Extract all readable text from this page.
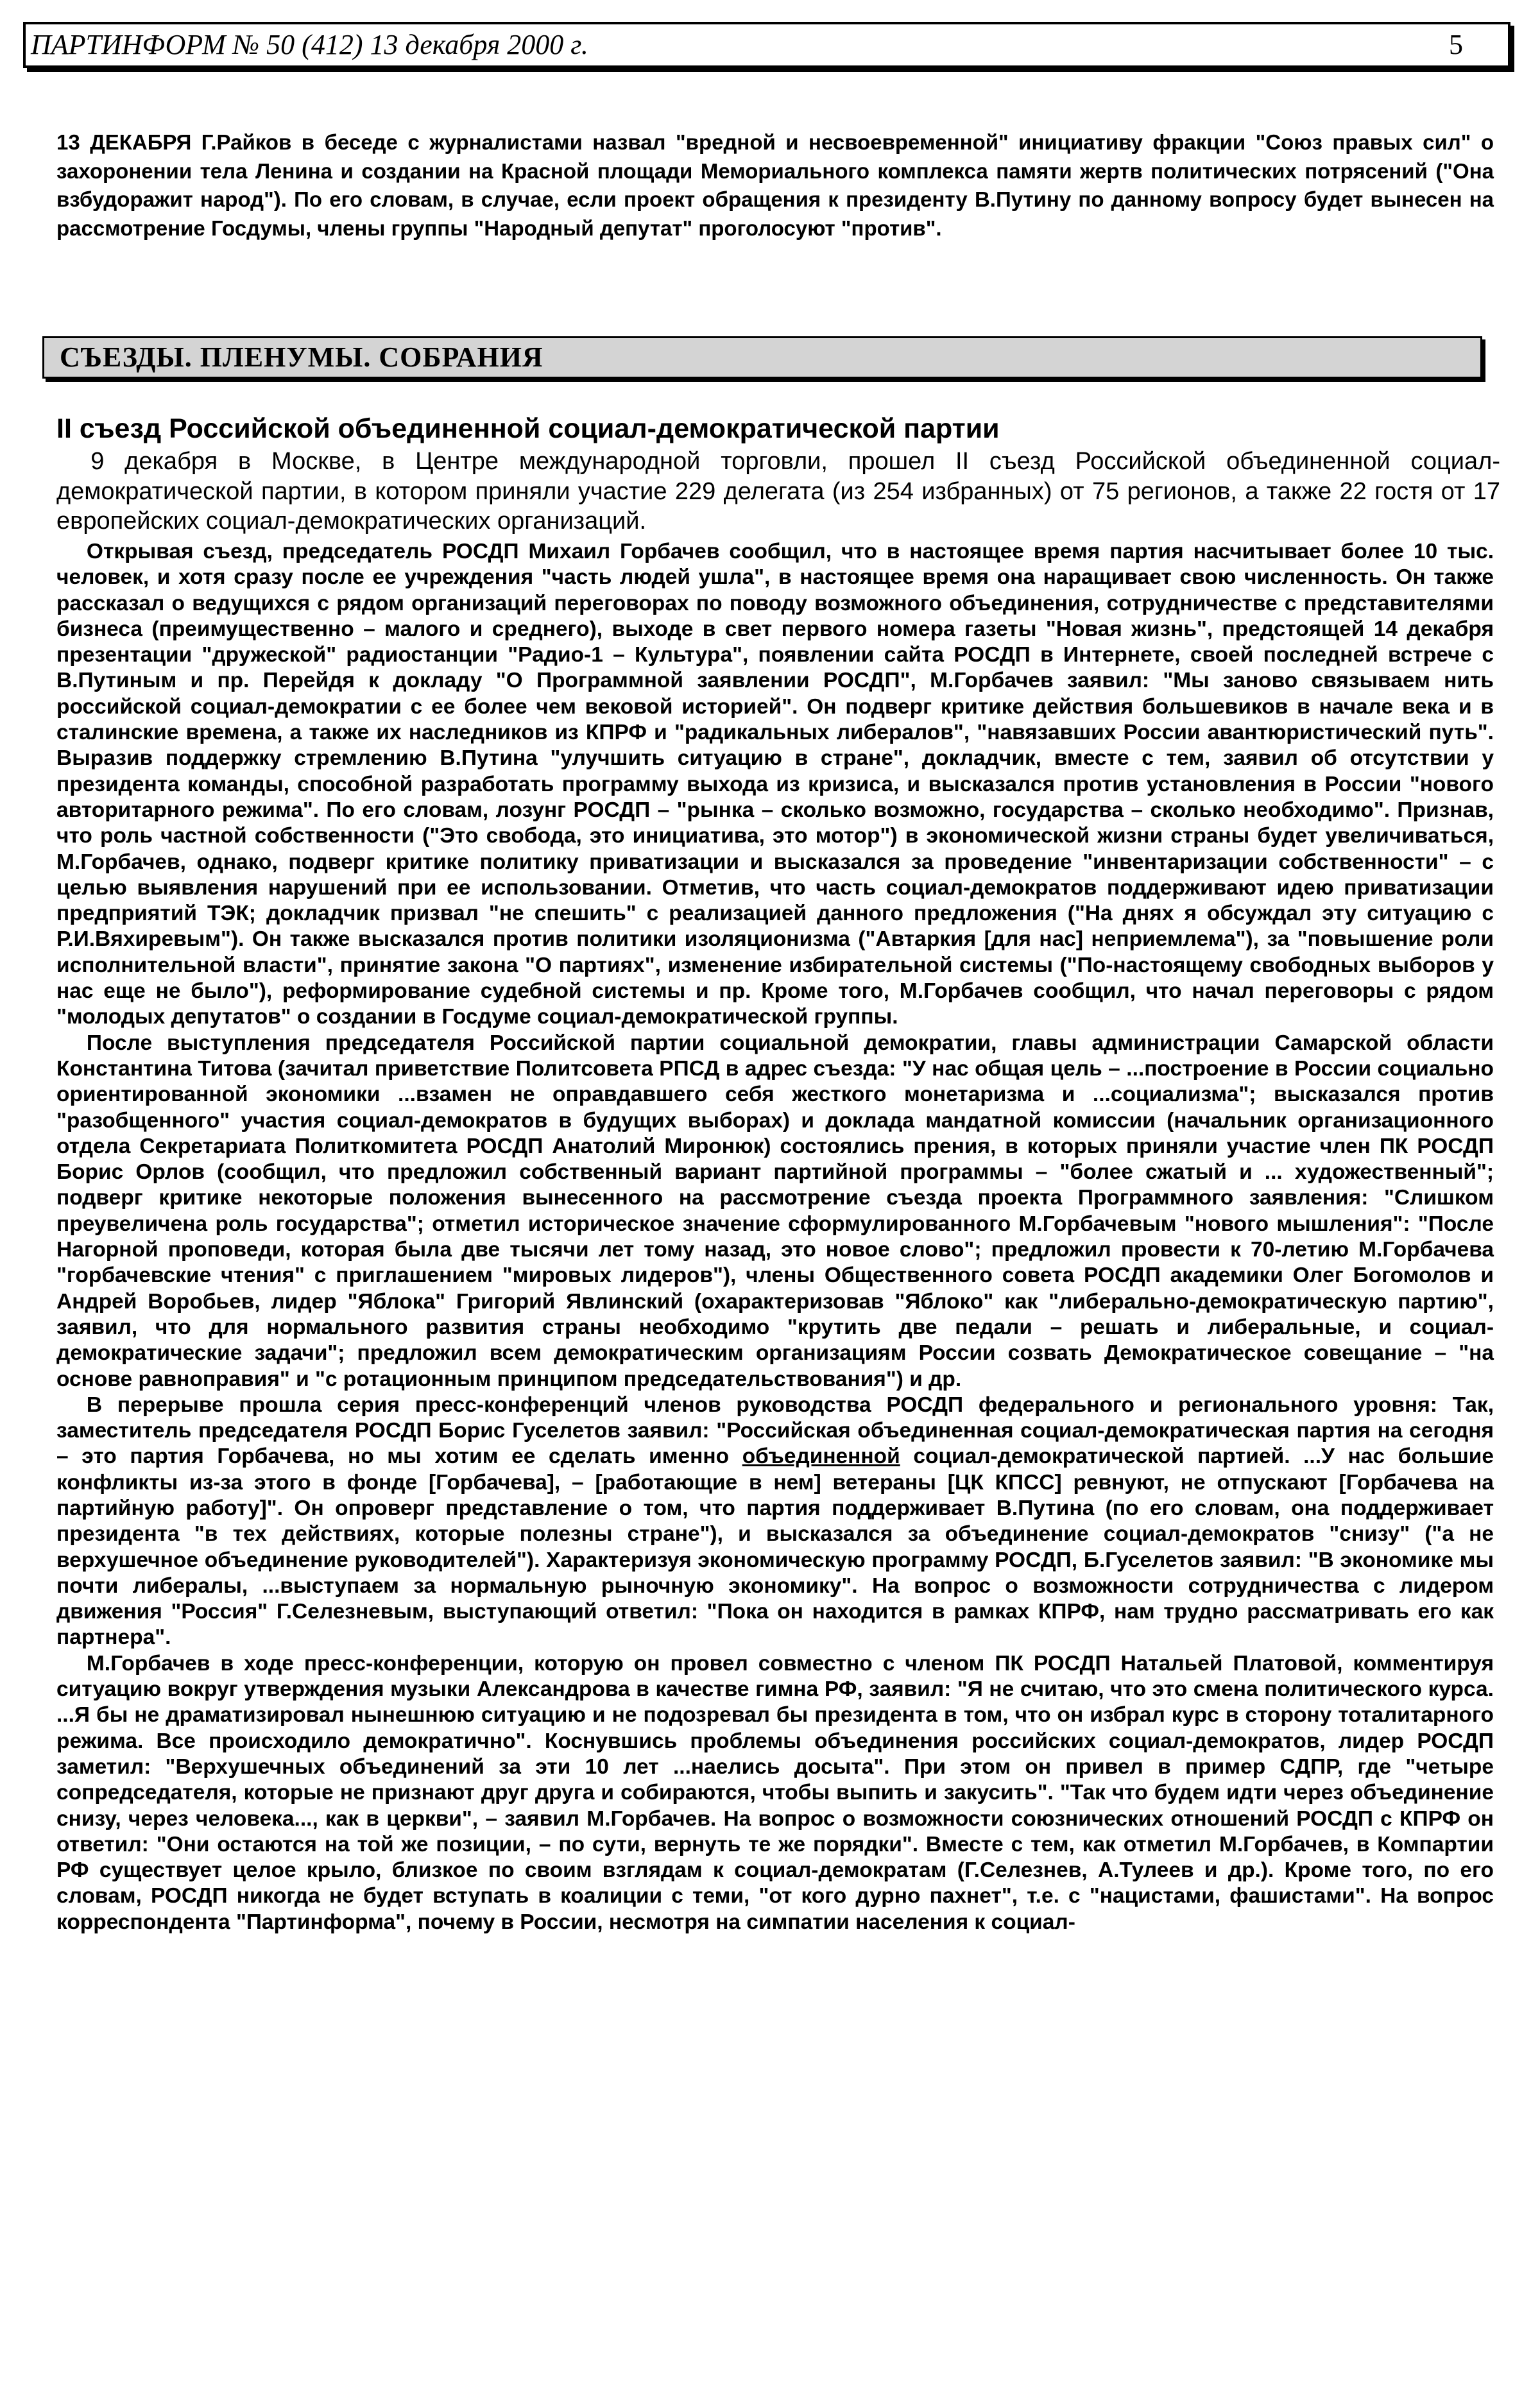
ПАРТИНФОРМ № 50 (412) 13 декабря 2000 г.	5
13 ДЕКАБРЯ Г.Райков в беседе с журналистами назвал "вредной и несвоевременной" инициативу фракции "Союз правых сил" о захоронении тела Ленина и создании на Красной площади Мемориального комплекса памяти жертв политических потрясений ("Она взбудоражит народ"). По его словам, в случае, если проект обращения к президенту В.Путину по данному вопросу будет вынесен на рассмотрение Госдумы, члены группы "Народный депутат" проголосуют "против".
СЪЕЗДЫ. ПЛЕНУМЫ. СОБРАНИЯ
II съезд Российской объединенной социал-демократической партии
9 декабря в Москве, в Центре международной торговли, прошел II съезд Российской объединенной социал-демократической партии, в котором приняли участие 229 делегата (из 254 избранных) от 75 регионов, а также 22 гостя от 17 европейских социал-демократических организаций.

Открывая съезд, председатель РОСДП Михаил Горбачев сообщил, что в настоящее время партия насчитывает более 10 тыс. человек, и хотя сразу после ее учреждения "часть людей ушла", в настоящее время она наращивает свою численность. Он также рассказал о ведущихся с рядом организаций переговорах по поводу возможного объединения, сотрудничестве с представителями бизнеса (преимущественно – малого и среднего), выходе в свет первого номера газеты "Новая жизнь", предстоящей 14 декабря презентации "дружеской" радиостанции "Радио-1 – Культура", появлении сайта РОСДП в Интернете, своей последней встрече с В.Путиным и пр. Перейдя к докладу "О Программной заявлении РОСДП", М.Горбачев заявил: "Мы заново связываем нить российской социал-демократии с ее более чем вековой историей". Он подверг критике действия большевиков в начале века и в сталинские времена, а также их наследников из КПРФ и "радикальных либералов", "навязавших России авантюристический путь". Выразив поддержку стремлению В.Путина "улучшить ситуацию в стране", докладчик, вместе с тем, заявил об отсутствии у президента команды, способной разработать программу выхода из кризиса, и высказался против установления в России "нового авторитарного режима". По его словам, лозунг РОСДП – "рынка – сколько возможно, государства – сколько необходимо". Признав, что роль частной собственности ("Это свобода, это инициатива, это мотор") в экономической жизни страны будет увеличиваться, М.Горбачев, однако, подверг критике политику приватизации и высказался за проведение "инвентаризации собственности" – с целью выявления нарушений при ее использовании. Отметив, что часть социал-демократов поддерживают идею приватизации предприятий ТЭК; докладчик призвал "не спешить" с реализацией данного предложения ("На днях я обсуждал эту ситуацию с Р.И.Вяхиревым"). Он также высказался против политики изоляционизма ("Автаркия [для нас] неприемлема"), за "повышение роли исполнительной власти", принятие закона "О партиях", изменение избирательной системы ("По-настоящему свободных выборов у нас еще не было"), реформирование судебной системы и пр. Кроме того, М.Горбачев сообщил, что начал переговоры с рядом "молодых депутатов" о создании в Госдуме социал-демократической группы.

После выступления председателя Российской партии социальной демократии, главы администрации Самарской области Константина Титова (зачитал приветствие Политсовета РПСД в адрес съезда: "У нас общая цель – ...построение в России социально ориентированной экономики ...взамен не оправдавшего себя жесткого монетаризма и ...социализма"; высказался против "разобщенного" участия социал-демократов в будущих выборах) и доклада мандатной комиссии (начальник организационного отдела Секретариата Политкомитета РОСДП Анатолий Миронюк) состоялись прения, в которых приняли участие член ПК РОСДП Борис Орлов (сообщил, что предложил собственный вариант партийной программы – "более сжатый и ... художественный"; подверг критике некоторые положения вынесенного на рассмотрение съезда проекта Программного заявления: "Слишком преувеличена роль государства"; отметил историческое значение сформулированного М.Горбачевым "нового мышления": "После Нагорной проповеди, которая была две тысячи лет тому назад, это новое слово"; предложил провести к 70-летию М.Горбачева "горбачевские чтения" с приглашением "мировых лидеров"), члены Общественного совета РОСДП академики Олег Богомолов и Андрей Воробьев, лидер "Яблока" Григорий Явлинский (охарактеризовав "Яблоко" как "либерально-демократическую партию", заявил, что для нормального развития страны необходимо "крутить две педали – решать и либеральные, и социал-демократические задачи"; предложил всем демократическим организациям России созвать Демократическое совещание – "на основе равноправия" и "с ротационным принципом председательствования") и др.

В перерыве прошла серия пресс-конференций членов руководства РОСДП федерального и регионального уровня: Так, заместитель председателя РОСДП Борис Гуселетов заявил: "Российская объединенная социал-демократическая партия на сегодня – это партия Горбачева, но мы хотим ее сделать именно объединенной социал-демократической партией. ...У нас большие конфликты из-за этого в фонде [Горбачева], – [работающие в нем] ветераны [ЦК КПСС] ревнуют, не отпускают [Горбачева на партийную работу]". Он опроверг представление о том, что партия поддерживает В.Путина (по его словам, она поддерживает президента "в тех действиях, которые полезны стране"), и высказался за объединение социал-демократов "снизу" ("а не верхушечное объединение руководителей"). Характеризуя экономическую программу РОСДП, Б.Гуселетов заявил: "В экономике мы почти либералы, ...выступаем за нормальную рыночную экономику". На вопрос о возможности сотрудничества с лидером движения "Россия" Г.Селезневым, выступающий ответил: "Пока он находится в рамках КПРФ, нам трудно рассматривать его как партнера".

М.Горбачев в ходе пресс-конференции, которую он провел совместно с членом ПК РОСДП Натальей Платовой, комментируя ситуацию вокруг утверждения музыки Александрова в качестве гимна РФ, заявил: "Я не считаю, что это смена политического курса. ...Я бы не драматизировал нынешнюю ситуацию и не подозревал бы президента в том, что он избрал курс в сторону тоталитарного режима. Все происходило демократично". Коснувшись проблемы объединения российских социал-демократов, лидер РОСДП заметил: "Верхушечных объединений за эти 10 лет ...наелись досыта". При этом он привел в пример СДПР, где "четыре сопредседателя, которые не признают друг друга и собираются, чтобы выпить и закусить". "Так что будем идти через объединение снизу, через человека..., как в церкви", – заявил М.Горбачев. На вопрос о возможности союзнических отношений РОСДП с КПРФ он ответил: "Они остаются на той же позиции, – по сути, вернуть те же порядки". Вместе с тем, как отметил М.Горбачев, в Компартии РФ существует целое крыло, близкое по своим взглядам к социал-демократам (Г.Селезнев, А.Тулеев и др.). Кроме того, по его словам, РОСДП никогда не будет вступать в коалиции с теми, "от кого дурно пахнет", т.е. с "нацистами, фашистами". На вопрос корреспондента "Партинформа", почему в России, несмотря на симпатии населения к социал-
